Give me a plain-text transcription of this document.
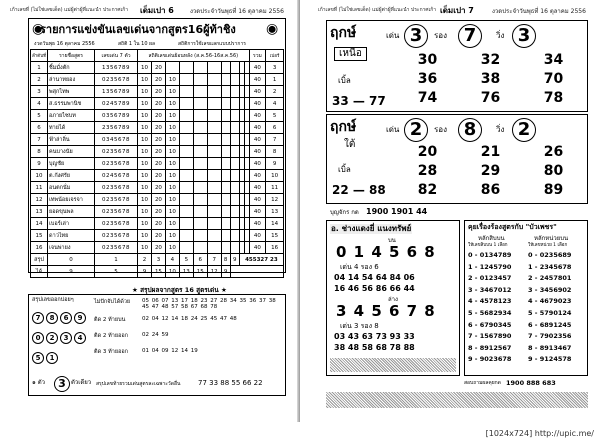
เก้าเลขที่ (ไม่ใช่เลขเด็ด) แม่ผู้ต่าผู้ที่แนะนำ ประกาศเก้า เด็มเปา 6	งวดประจำวันพุธที่ 16 ตุลาคม 2556
รายการแข่งขันเลขเด่นจากสูตร16ผู้ท้าชิง
◉	◉
งวดวันพุธ 16 ตุลาคม 2556	สถิติ 1 ใน 10 ผล	สถิติการใช้เลขแลกแบบปราการ
ลำดับที่	รายชื่อสูตร	เลขเด่น 7 ตัว	สถิติเลขเด่นย้อนหลัง (ส.ค.56-16ส.ค.56)										รวม	เปอร์
1	ชิ้มมั่งตัก	1356789	10	20									40	3
2	ล่านาทยอง	0235678	10	20	10								40	1
3	พสุกไทพ	1356789	10	20	10								40	2
4	ส.ธรรมพานิช	0245789	10	20	10								40	4
5	อภายไซบท	0356789	10	20	10								40	5
6	ทายได้	2356789	10	20	10								40	6
7	ฟ้าล่าลิ่น	0345678	10	20	10								40	7
8	คนบางนัย	0235678	10	20	10								40	8
9	บุญชัย	0235678	10	20	10								40	9
10	ต.กังศรัย	0245678	10	20	10								40	10
11	อนตกนั่ม	0235678	10	20	10								40	11
12	เทพน้อยเจรจา	0235678	10	20	10								40	12
13	ยอดขุนพล	0235678	10	20	10								40	13
14	เบอร์เล่า	0235678	10	20	10								40	14
15	ดาวไทย	0235678	10	20	10								40	15
16	เจนพ่ายง	0235678	10	20	10								40	16
สรุป	0	1	2	3	4	5	6	7	8	9	455327 23			
ได้	9	5	9	15	10	13	15	12	9					
★ สรุปผลจากสูตร 16 สูตรเด่น ★
สรุปเลขออกบ่อยๆ
7 8 6 90 2 3 45 1
ไม่ปักจับได้ด้วย	05 06 07 13 17 18 23 27 28 34 35 36 37 38 45 47 48 57 58 67 68 78
ติด 2 ท้ายบน	02 04 12 14 18 24 25 45 47 48
ติด 2 ท้ายออก	02 24 59
ติด 3 ท้ายออก	01 04 09 12 14 19
๑ ตัว	3 ตัวเดียว สรุปเลขท้ายรวมเด่นสูตรละเฉพาะวัดอื่น	77 33 88 55 66 22
เก้าเลขที่ (ไม่ใช่เลขเด็ด) แม่ผู้ต่าผู้ที่แนะนำ ประกาศเก้า เด็มเปา 7	งวดประจำวันพุธที่ 16 ตุลาคม 2556
ฤกษ์
เหนือ
เด่น 3	รอง 7	วิ่ง 3
เบิ้ล
33 — 77
30	32	34
36	38	70
74	76	78
ฤกษ์
ใต้
เด่น 2	รอง 8	วิ่ง 2
เบิ้ล
22 — 88
20	21	26
28	29	80
82	86	89
บุญจักร กด 1900 1901 44
อ. ช่างแดงยี่ แนงทรัพย์
บน
0 1 4 5 6 8
เด่น 4 รอง 6
04 14 54 64 84 06
16 46 56 86 66 44
ล่าง
3 4 5 6 7 8
เด่น 3 รอง 8
03 43 63 73 93 33
38 48 58 68 78 88
คุยเรื่องร้องสูตรกับ "บัวเพชร"
หลักสิบบน	หลักหน่วยบน
ให้เลขสิบบน 1 เลือก	ให้เลขหน่วย 1 เลือก
0 - 0134789
1 - 1245790
2 - 0123457
3 - 3467012
4 - 4578123
5 - 5682934
6 - 6790345
7 - 1567890
8 - 8912567
9 - 9023678
0 - 0235689
1 - 2345678
2 - 2457801
3 - 3456902
4 - 4679023
5 - 5790124
6 - 6891245
7 - 7902356
8 - 8913467
9 - 9124578
สอบถามผลคุยกด 1900 888 683
[1024x724] http://upic.me/
